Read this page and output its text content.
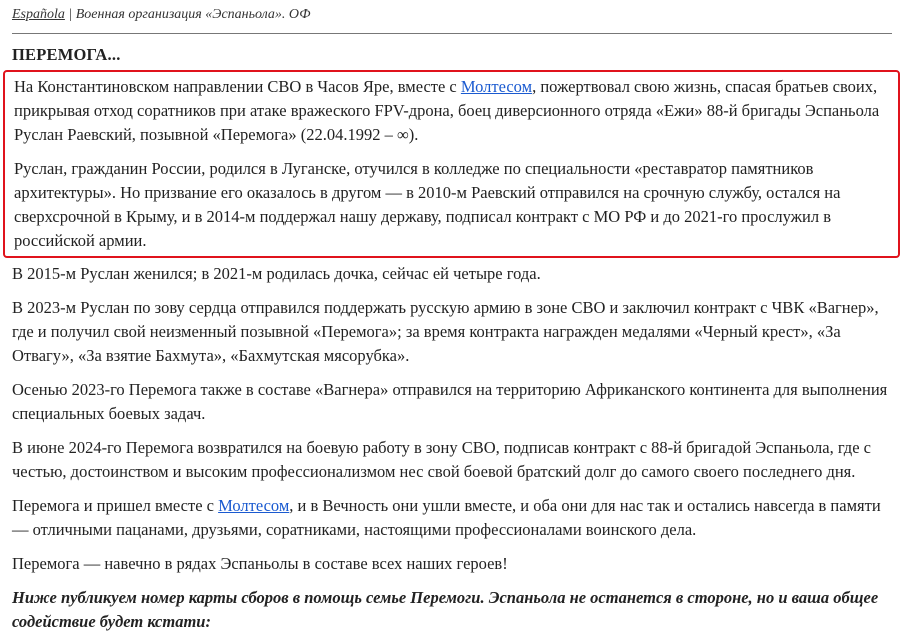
Española | Военная организация «Эспаньола». ОФ
ПЕРЕМОГА...

На Константиновском направлении СВО в Часов Яре, вместе с Молтесом, пожертвовал свою жизнь, спасая братьев своих, прикрывая отход соратников при атаке вражеского FPV-дрона, боец диверсионного отряда «Ежи» 88-й бригады Эспаньола Руслан Раевский, позывной «Перемога» (22.04.1992 – ∞).

Руслан, гражданин России, родился в Луганске, отучился в колледже по специальности «реставратор памятников архитектуры». Но призвание его оказалось в другом — в 2010-м Раевский отправился на срочную службу, остался на сверхсрочной в Крыму, и в 2014-м поддержал нашу державу, подписал контракт с МО РФ и до 2021-го прослужил в российской армии.

В 2015-м Руслан женился; в 2021-м родилась дочка, сейчас ей четыре года.

В 2023-м Руслан по зову сердца отправился поддержать русскую армию в зоне СВО и заключил контракт с ЧВК «Вагнер», где и получил свой неизменный позывной «Перемога»; за время контракта награжден медалями «Черный крест», «За Отвагу», «За взятие Бахмута», «Бахмутская мясорубка».

Осенью 2023-го Перемога также в составе «Вагнера» отправился на территорию Африканского континента для выполнения специальных боевых задач.

В июне 2024-го Перемога возвратился на боевую работу в зону СВО, подписав контракт с 88-й бригадой Эспаньола, где с честью, достоинством и высоким профессионализмом нес свой боевой братский долг до самого своего последнего дня.

Перемога и пришел вместе с Молтесом, и в Вечность они ушли вместе, и оба они для нас так и остались навсегда в памяти — отличными пацанами, друзьями, соратниками, настоящими профессионалами воинского дела.

Перемога — навечно в рядах Эспаньолы в составе всех наших героев!

Ниже публикуем номер карты сборов в помощь семье Перемоги. Эспаньола не останется в стороне, но и ваша общее содействие будет кстати:
